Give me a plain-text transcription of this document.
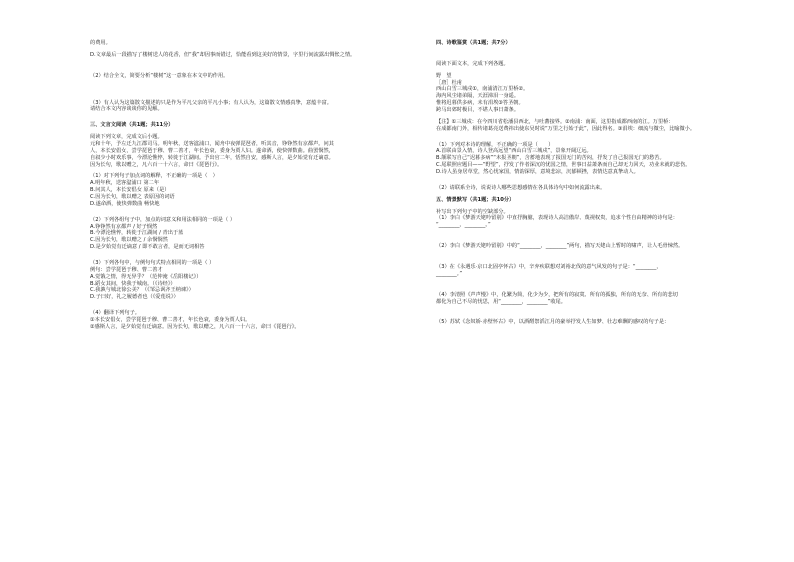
的费用。
D.文章最后一段描写了楼树送人的花香，但“我”却因事而错过，恰能看到这美好的情景，字里行间流露出惆怅之情。
（2）结合全文，简要分析“楼树”这一意象在本文中的作用。
（3）有人认为这篇散文描述的只是作为平凡父亲的平凡小事；有人认为，这篇散文情感真挚，意蕴丰富。
请结合本文内容谈谈你的见解。
三、文言文阅读（共1题；共11分）
阅读下列文章，完成文后小题。
元和十年，予左迁九江郡司马。明年秋，送客湓浦口，闻舟中夜弹琵琶者，听其音，铮铮然有京都声。问其
人，本长安倡女，尝学琵琶于穆、曹二善才，年长色衰，委身为贾人妇。遂命酒，使快弹数曲。曲罢悯然，
自叙少小时欢乐事，今漂沦憔悴，转徙于江湖间。予出官二年，恬然自安，感斯人言，是夕始觉有迁谪意。
因为长句，歌以赠之，凡六百一十六言，命曰《琵琶行》。
（1）对下列句子加点词的解释，不正确的一项是（　）
A.明年秋，送客湓浦口 第二年
B.问其人，本长安倡女 原来（是）
C.因为长句，歌以赠之 表原因的词语
D.遂命酒，使快弹数曲 畅快地
（2）下列各组句子中，加点的词意义和用法相同的一项是（ ）
A.铮铮然有京都声 / 好子悯然
B.今漂沦憔悴，转徙于江湖间 / 青出于蓝
C.因为长句，歌以赠之 / 余悯悯然
D.是夕始觉有迁谪意 / 即不敢言者，是而无词相答
（3）下列各句中，与例句句式特点相同的一项是（ ）
例句：尝学琵琶于穆、曹二善才
A.觉饿之情，得无异乎？（范仲淹《岳阳楼记》）
B.蹈女其间，快我于城南。（《诗经》）
C.我孰与城北徐公美？（《邹忌讽齐王纳谏》）
D.子曰好，礼之履德者也（《爱莲说》）
（4）翻译下列句子。
①本长安倡女，尝学琵琶于穆、曹二善才，年长色衰，委身为贾人妇。
②感斯人言，是夕始觉有迁谪意。因为长句，歌以赠之，凡六百一十六言，命曰《琵琶行》。
四、诗歌鉴赏（共1题；共7分）
阅读下面文本，完成下列各题。
野　望
［唐］杜甫
西山白雪三城戍①，南浦清江万里桥②。
海内风尘诸弟隔，天涯涕泪一身遥。
惟将迟暮供多病，未有涓埃③答圣朝。
跨马出郊时极目，不堪人事日萧条。
【注】①三城戍：在今四川省松潘县西北，与吐蕃接界。②南浦：南面，这里指成都西南的江。万里桥：
在成都南门外，相传诸葛亮送费祎出使东吴时说“万里之行始于此”，因此得名。③涓埃：细流与微尘，比喻微小。
（1）下列对本诗的理解，不正确的一项是（　　）
A.首联由景入情，诗人登高远望“西山白雪三城戍”，景象开阔辽远。
B.颔联写自己“迟暮多病”“未报圣朝”，含蓄地表现了报国无门的苦闷，抒发了自己报国无门的愁苦。
C.尾联照应题目——“野望”，抒发了作者深沉的忧国之情，世事日益萧条而自己却无力回天，功业未就的悲伤。
D.诗人虽身居草堂，然心忧家国，情韵深厚，意境悲凉，沉郁顿挫，表情达意真挚动人。
（2）请联系全诗，说说诗人哪些思想感情在各具体诗句中如何流露出来。
五、情景默写（共1题；共10分）
补写出下列句子中的空缺部分。
（1）李白《梦游天姥吟留别》中直抒胸臆，表现诗人高洁傲岸、蔑视权贵，追求个性自由精神的诗句是：
“________，________。”
（2）李白《梦游天姥吟留别》中的“________，________”两句，描写天姥山上暂时的啸声，让人毛骨悚然。
（3）在《永遇乐·京口北固亭怀古》中，辛弃疾联想对刘裕北伐的意气风发的句子是：“________，
________。”
（4）李清照《声声慢》中，化繁为简，化少为少，把所有的寂寞、所有的孤独，所有的无奈、所有的悲切
都化为自己不尽的忧思，用“________，________”收尾。
（5）苏轼《念奴娇·赤壁怀古》中，以酒酹祭滔江月的豪举抒发人生如梦、壮志难酬的感叹的句子是：
